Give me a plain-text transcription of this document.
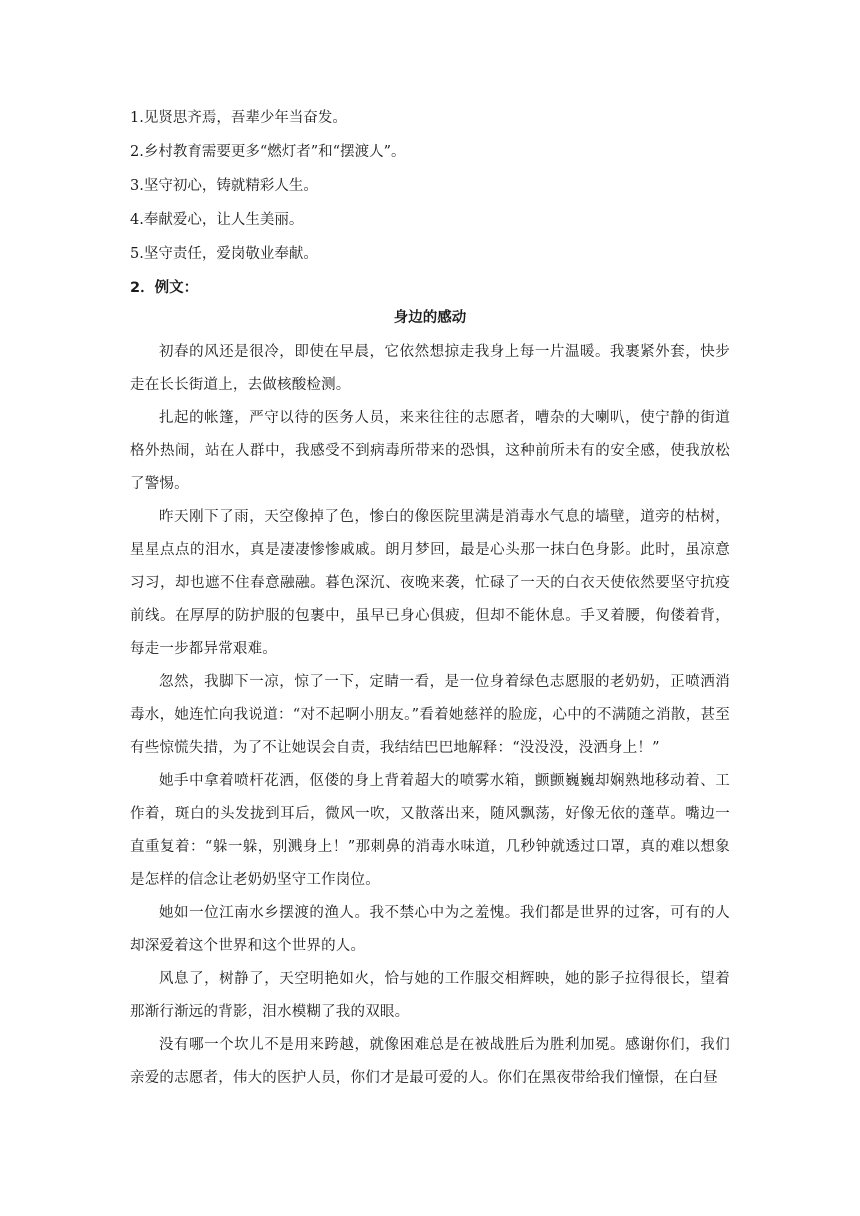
1.见贤思齐焉，吾辈少年当奋发。

2.乡村教育需要更多“燃灯者”和“摆渡人”。

3.坚守初心，铸就精彩人生。

4.奉献爱心，让人生美丽。

5.坚守责任，爱岗敬业奉献。

2．例文：

身边的感动

初春的风还是很冷，即使在早晨，它依然想掠走我身上每一片温暖。我裹紧外套，快步走在长长街道上，去做核酸检测。

扎起的帐篷，严守以待的医务人员，来来往往的志愿者，嘈杂的大喇叭，使宁静的街道格外热闹，站在人群中，我感受不到病毒所带来的恐惧，这种前所未有的安全感，使我放松了警惕。

昨天刚下了雨，天空像掉了色，惨白的像医院里满是消毒水气息的墙壁，道旁的枯树，星星点点的泪水，真是凄凄惨惨戚戚。朗月梦回，最是心头那一抹白色身影。此时，虽凉意习习，却也遮不住春意融融。暮色深沉、夜晚来袭，忙碌了一天的白衣天使依然要坚守抗疫前线。在厚厚的防护服的包裹中，虽早已身心俱疲，但却不能休息。手叉着腰，佝偻着背，每走一步都异常艰难。

忽然，我脚下一凉，惊了一下，定睛一看，是一位身着绿色志愿服的老奶奶，正喷洒消毒水，她连忙向我说道：“对不起啊小朋友。”看着她慈祥的脸庞，心中的不满随之消散，甚至有些惊慌失措，为了不让她误会自责，我结结巴巴地解释：“没没没，没洒身上！”

她手中拿着喷杆花洒，伛偻的身上背着超大的喷雾水箱，颤颤巍巍却娴熟地移动着、工作着，斑白的头发拢到耳后，微风一吹，又散落出来，随风飘荡，好像无依的蓬草。嘴边一直重复着：“躲一躲，别溅身上！”那刺鼻的消毒水味道，几秒钟就透过口罩，真的难以想象是怎样的信念让老奶奶坚守工作岗位。

她如一位江南水乡摆渡的渔人。我不禁心中为之羞愧。我们都是世界的过客，可有的人却深爱着这个世界和这个世界的人。

风息了，树静了，天空明艳如火，恰与她的工作服交相辉映，她的影子拉得很长，望着那渐行渐远的背影，泪水模糊了我的双眼。

没有哪一个坎儿不是用来跨越，就像困难总是在被战胜后为胜利加冕。感谢你们，我们亲爱的志愿者，伟大的医护人员，你们才是最可爱的人。你们在黑夜带给我们憧憬，在白昼
